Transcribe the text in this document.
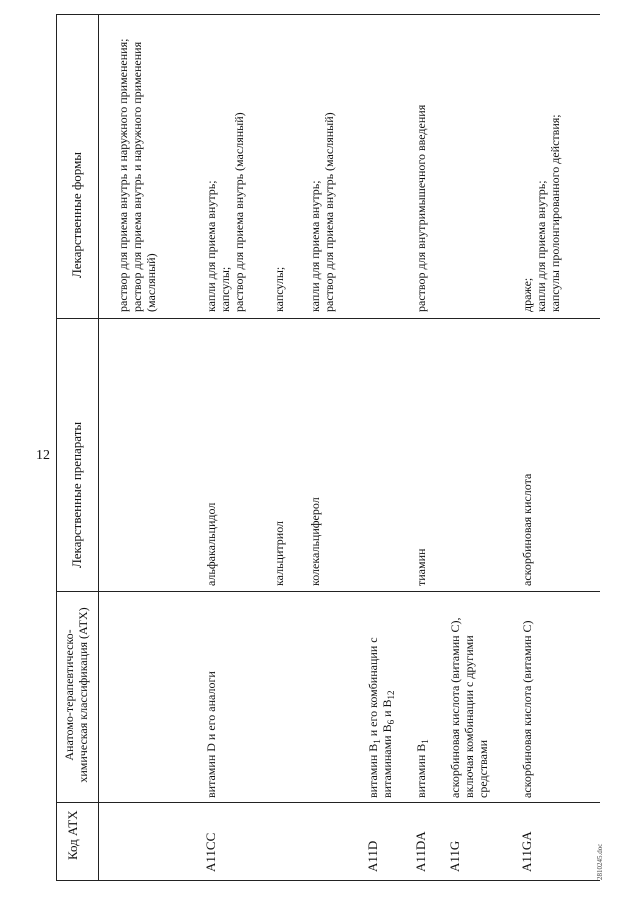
12
Код АТХ
Анатомо-терапевтическо-химическая классификация (АТХ)
Лекарственные препараты
Лекарственные формы	раствор для приема внутрь и наружного применения; раствор для приема внутрь и наружного применения (масляный)
A11CC
витамин D и его аналоги
альфакальцидол
капли для приема внутрь; капсулы; раствор для приема внутрь (масляный)
кальцитриол
капсулы;
колекальциферол
капли для приема внутрь; раствор для приема внутрь (масляный)
A11D
витамин $B_1$ и его комбинации с витаминами $B_6$ и $B_{12}$
A11DA
витамин $B_1$
тиамин
раствор для внутримышечного введения
A11G
аскорбиновая кислота (витамин C), включая комбинации с другими средствами
A11GA
аскорбиновая кислота (витамин C)
аскорбиновая кислота
драже; капли для приема внутрь; капсулы пролонгированного действия;
2810245.doc
